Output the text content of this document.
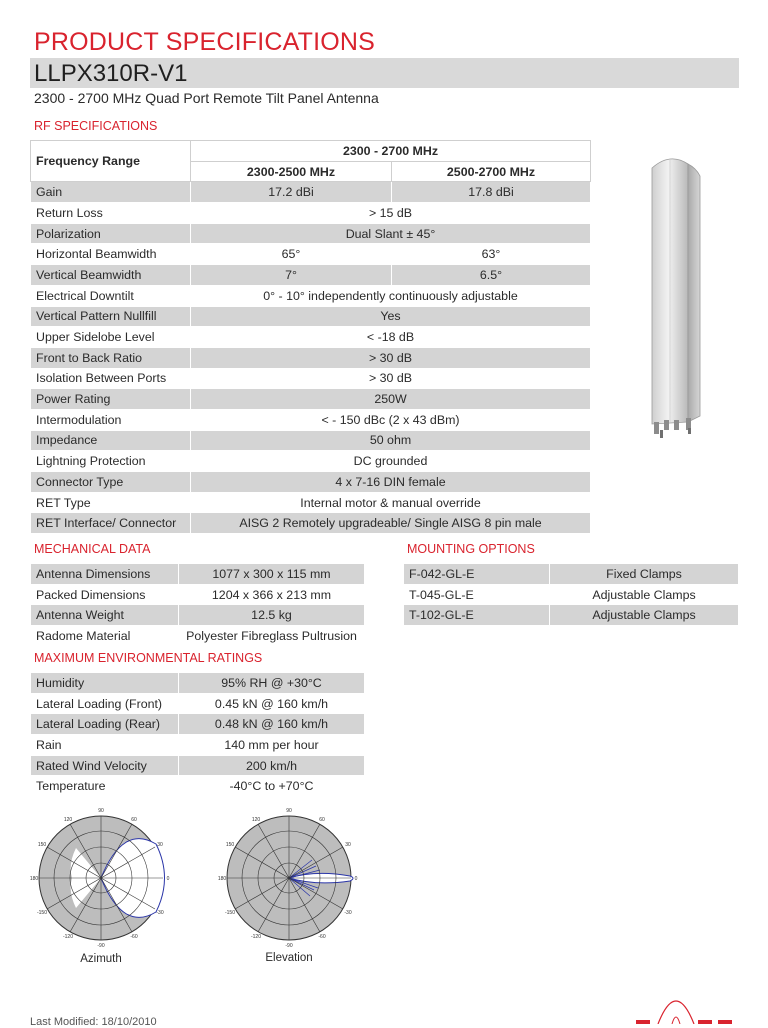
PRODUCT SPECIFICATIONS
LLPX310R-V1
2300 - 2700 MHz Quad Port Remote Tilt Panel Antenna
RF SPECIFICATIONS
Frequency Range	2300 - 2700 MHz	
	2300-2500 MHz	2500-2700 MHz
Gain	17.2 dBi	17.8 dBi
Return Loss	> 15 dB	
Polarization	Dual Slant ± 45°	
Horizontal Beamwidth	65°	63°
Vertical Beamwidth	7°	6.5°
Electrical Downtilt	0° - 10° independently continuously adjustable	
Vertical Pattern Nullfill	Yes	
Upper Sidelobe Level	< -18 dB	
Front to Back Ratio	> 30 dB	
Isolation Between Ports	> 30 dB	
Power Rating	250W	
Intermodulation	< - 150 dBc (2 x 43 dBm)	
Impedance	50 ohm	
Lightning Protection	DC grounded	
Connector Type	4 x 7-16 DIN female	
RET Type	Internal motor & manual override	
RET Interface/ Connector	AISG 2 Remotely upgradeable/ Single AISG 8 pin male	
MECHANICAL DATA
Antenna Dimensions	1077 x 300 x 115 mm
Packed Dimensions	1204 x 366 x 213 mm
Antenna Weight	12.5 kg
Radome Material	Polyester Fibreglass Pultrusion
MOUNTING OPTIONS
F-042-GL-E	Fixed Clamps
T-045-GL-E	Adjustable Clamps
T-102-GL-E	Adjustable Clamps
MAXIMUM ENVIRONMENTAL RATINGS
Humidity	95% RH @ +30°C
Lateral Loading (Front)	0.45 kN @ 160 km/h
Lateral Loading (Rear)	0.48 kN @ 160 km/h
Rain	140 mm per hour
Rated Wind Velocity	200 km/h
Temperature	-40°C to +70°C
90
120	60
150	30
180	0
-150	-30
-120	-60
-90
Azimuth
90
120	60
150	30
180	0
-150	-30
-120	-60
-90
Elevation
Last Modified: 18/10/2010
